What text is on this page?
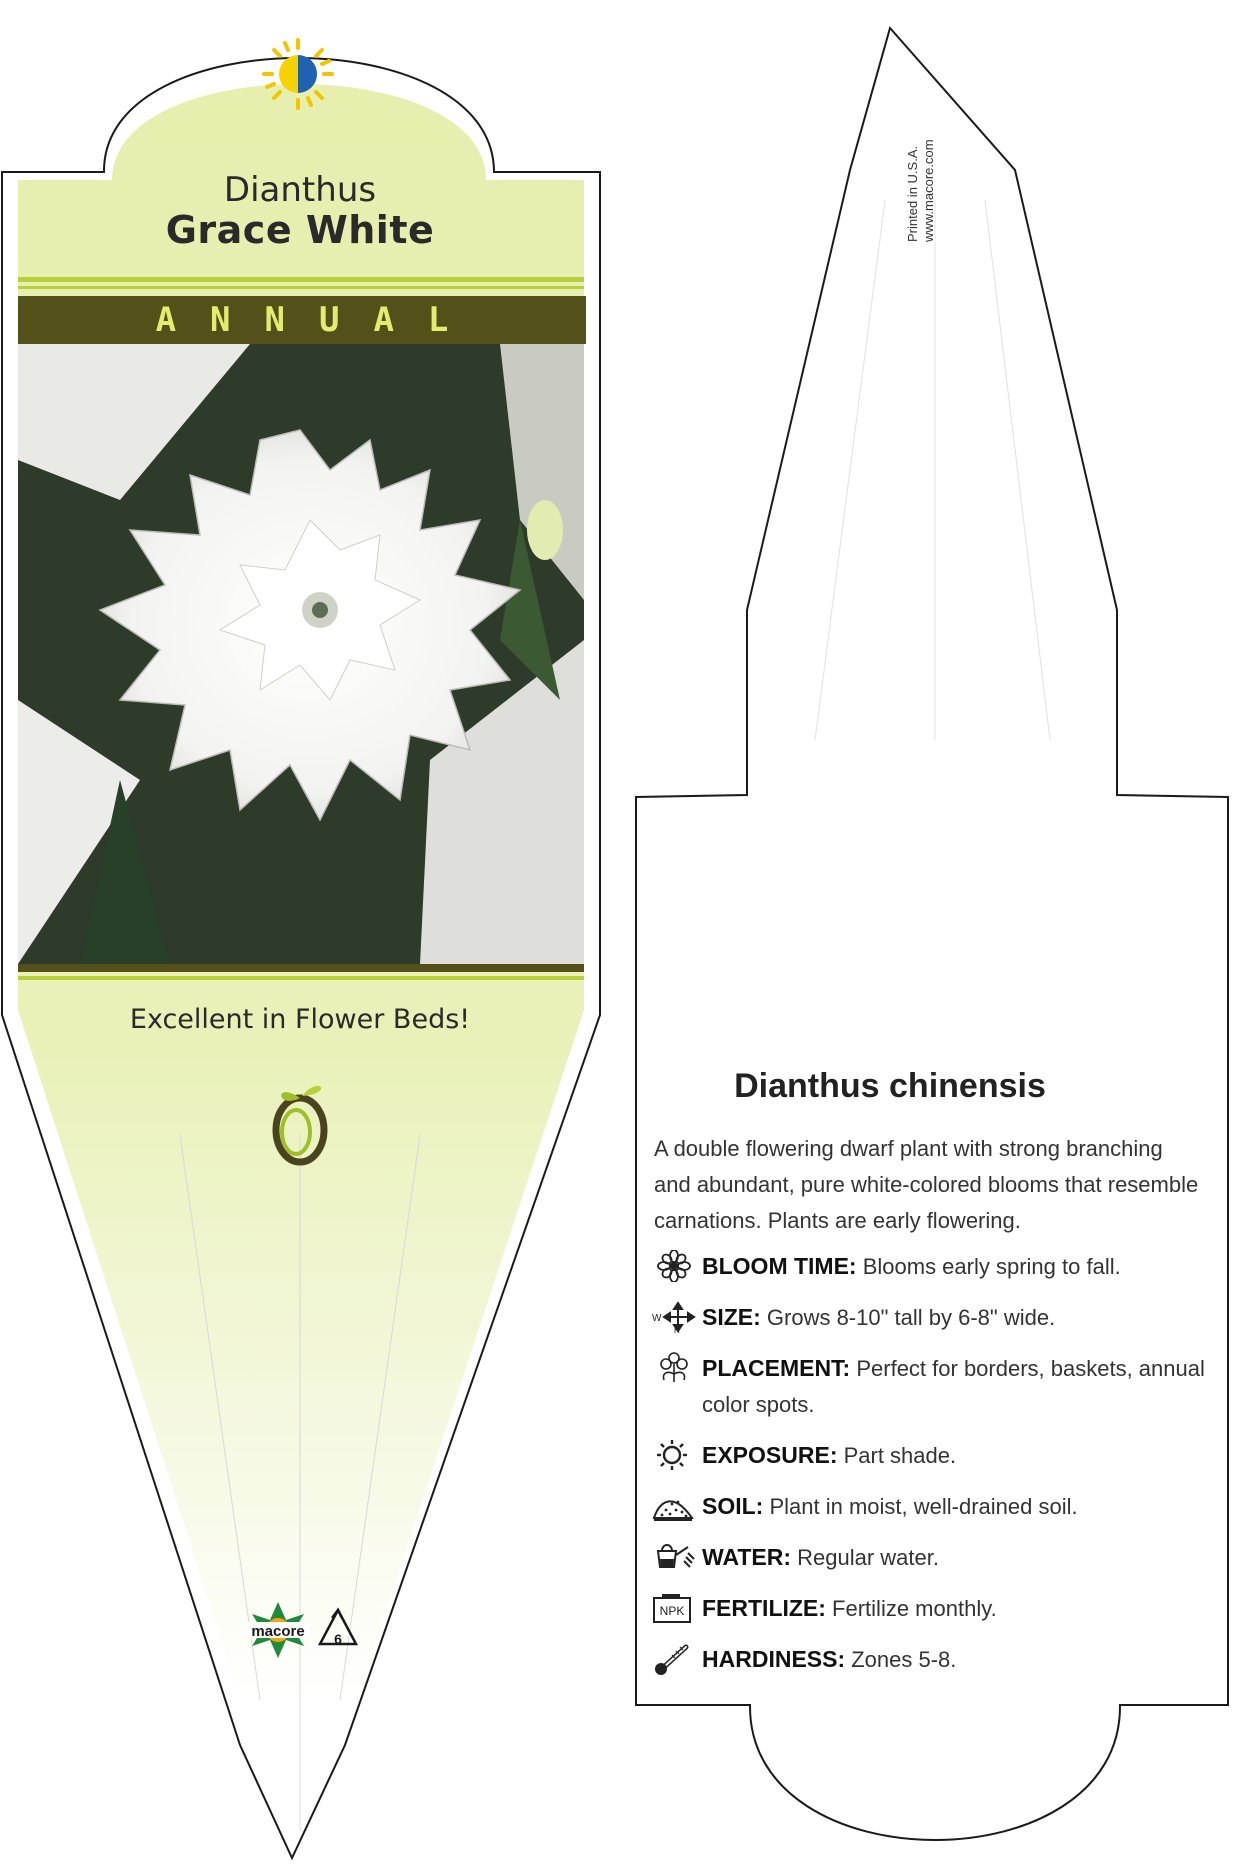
macore 6
Dianthus
Grace White
ANNUAL
Excellent in Flower Beds!
Printed in U.S.A. www.macore.com
Dianthus chinensis
A double flowering dwarf plant with strong branching and abundant, pure white-colored blooms that resemble carnations. Plants are early flowering.
BLOOM TIME: Blooms early spring to fall.
W
H
SIZE: Grows 8-10" tall by 6-8" wide.
PLACEMENT: Perfect for borders, baskets, annual color spots.
EXPOSURE: Part shade.
SOIL: Plant in moist, well-drained soil.
WATER: Regular water.
NPK FERTILIZE: Fertilize monthly.
HARDINESS: Zones 5-8.
